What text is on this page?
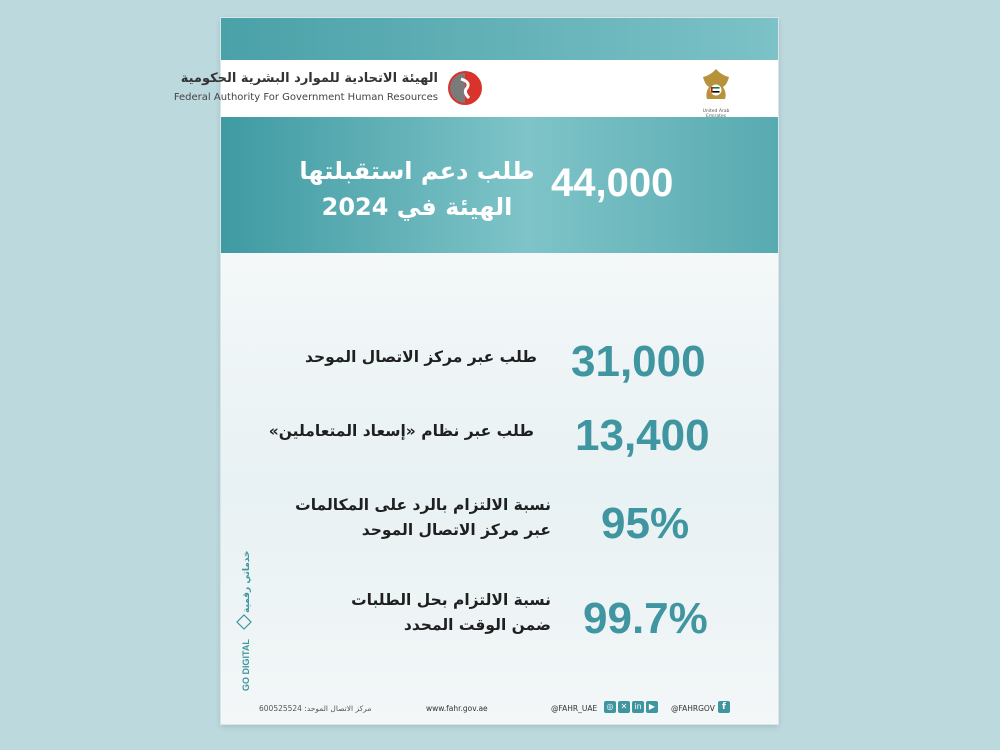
الهيئة الاتحادية للموارد البشرية الحكومية
Federal Authority For Government Human Resources
United Arab
44,000
طلب دعم استقبلتها
الهيئة في 2024
31,000
طلب عبر مركز الاتصال الموحد
13,400
طلب عبر نظام «إسعاد المتعاملين»
95%
نسبة الالتزام بالرد على المكالمات
عبر مركز الاتصال الموحد
99.7%
نسبة الالتزام بحل الطلبات
ضمن الوقت المحدد
GO DIGITAL
خدماتي رقمية
مركز الاتصال الموحد: 600525524	www.fahr.gov.ae	@FAHR_UAE	◎ ✕ in ▶	@FAHRGOV f
